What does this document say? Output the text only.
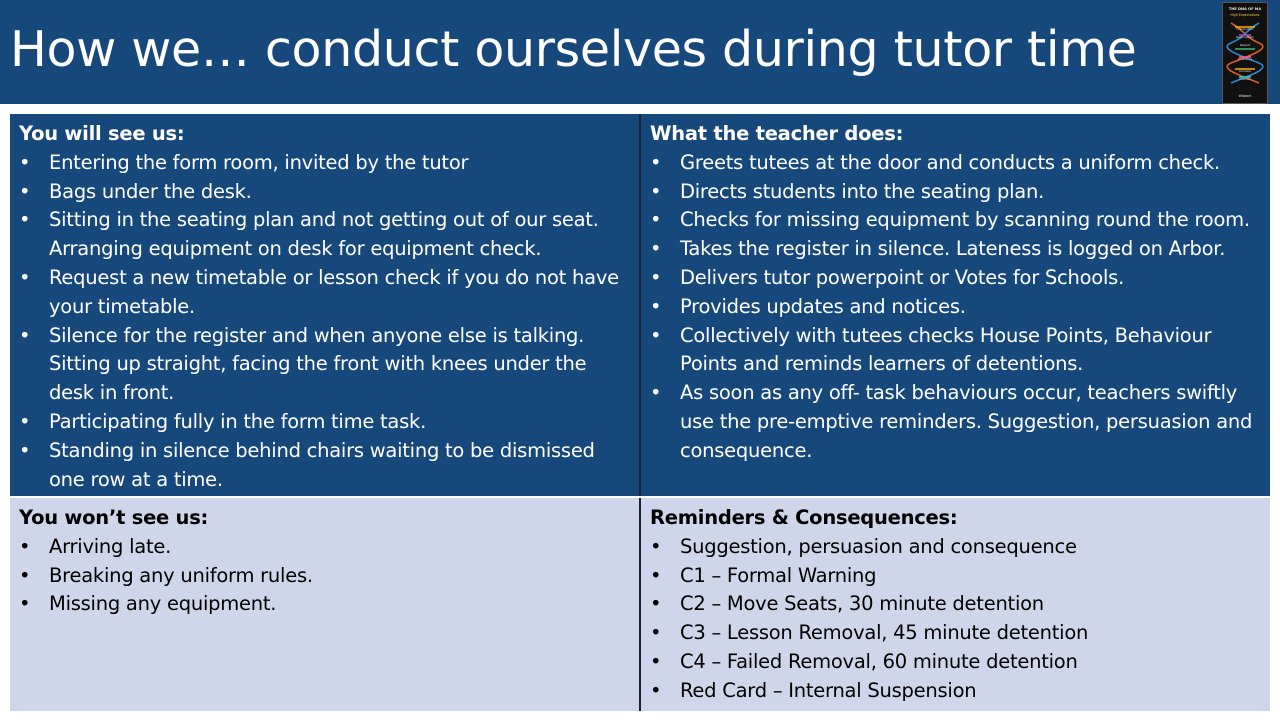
How we… conduct ourselves during tutor time
THE DNA OF MA
High Expectations
Collaboration
Responsibility
Respect
Excellence
Kindness
Ambition
Wisdom
You will see us:
• Entering the form room, invited by the tutor
• Bags under the desk.
• Sitting in the seating plan and not getting out of our seat. Arranging equipment on desk for equipment check.
• Request a new timetable or lesson check if you do not have your timetable.
• Silence for the register and when anyone else is talking. Sitting up straight, facing the front with knees under the desk in front.
• Participating fully in the form time task.
• Standing in silence behind chairs waiting to be dismissed one row at a time.
What the teacher does:
• Greets tutees at the door and conducts a uniform check.
• Directs students into the seating plan.
• Checks for missing equipment by scanning round the room.
• Takes the register in silence. Lateness is logged on Arbor.
• Delivers tutor powerpoint or Votes for Schools.
• Provides updates and notices.
• Collectively with tutees checks House Points, Behaviour Points and reminds learners of detentions.
• As soon as any off- task behaviours occur, teachers swiftly use the pre-emptive reminders. Suggestion, persuasion and consequence.
You won’t see us:
• Arriving late.
• Breaking any uniform rules.
• Missing any equipment.
Reminders & Consequences:
• Suggestion, persuasion and consequence
• C1 – Formal Warning
• C2 – Move Seats, 30 minute detention
• C3 – Lesson Removal, 45 minute detention
• C4 – Failed Removal, 60 minute detention
• Red Card – Internal Suspension
